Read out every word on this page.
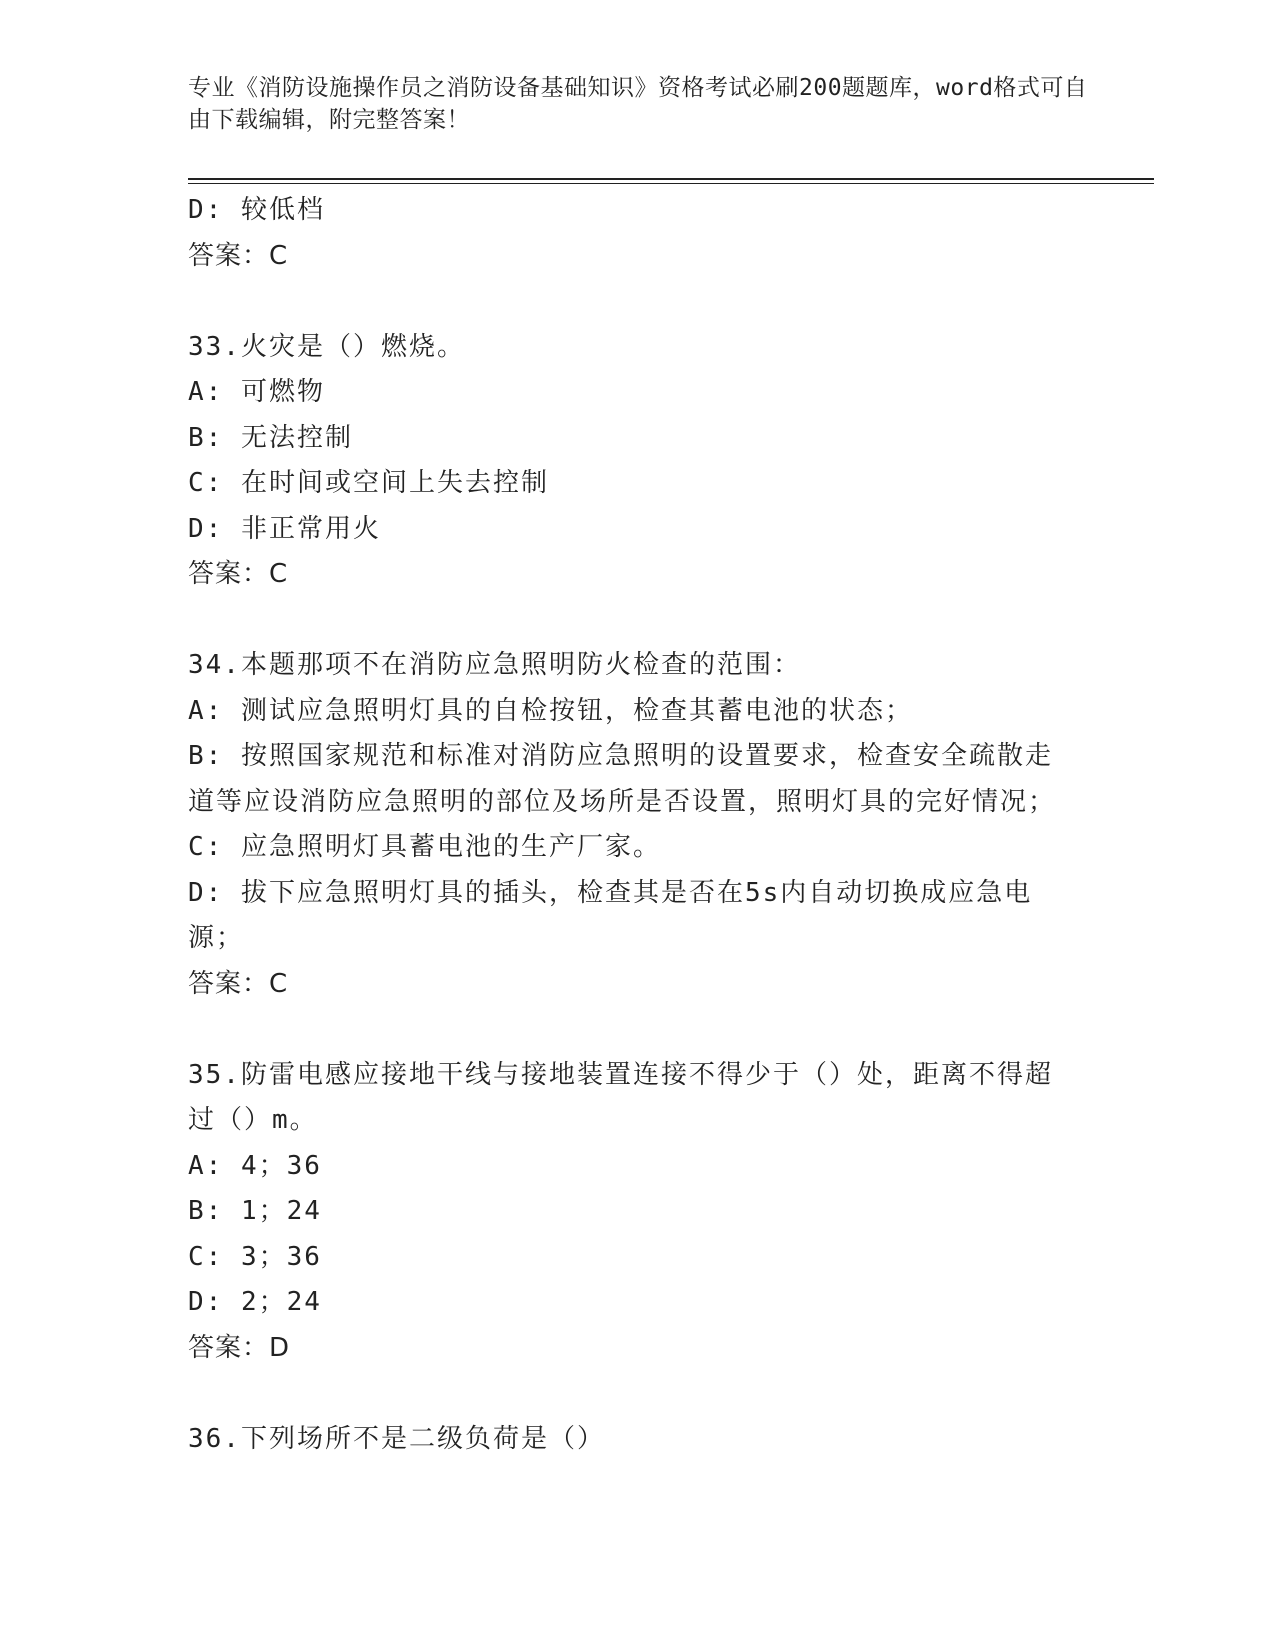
专业《消防设施操作员之消防设备基础知识》资格考试必刷200题题库，word格式可自由下载编辑，附完整答案！
D: 较低档
答案：C
33.火灾是（）燃烧。
A: 可燃物
B: 无法控制
C: 在时间或空间上失去控制
D: 非正常用火
答案：C
34.本题那项不在消防应急照明防火检查的范围：
A: 测试应急照明灯具的自检按钮，检查其蓄电池的状态；
B: 按照国家规范和标准对消防应急照明的设置要求，检查安全疏散走
道等应设消防应急照明的部位及场所是否设置，照明灯具的完好情况；
C: 应急照明灯具蓄电池的生产厂家。
D: 拔下应急照明灯具的插头，检查其是否在5s内自动切换成应急电
源；
答案：C
35.防雷电感应接地干线与接地装置连接不得少于（）处，距离不得超
过（）m。
A: 4；36
B: 1；24
C: 3；36
D: 2；24
答案：D
36.下列场所不是二级负荷是（）
